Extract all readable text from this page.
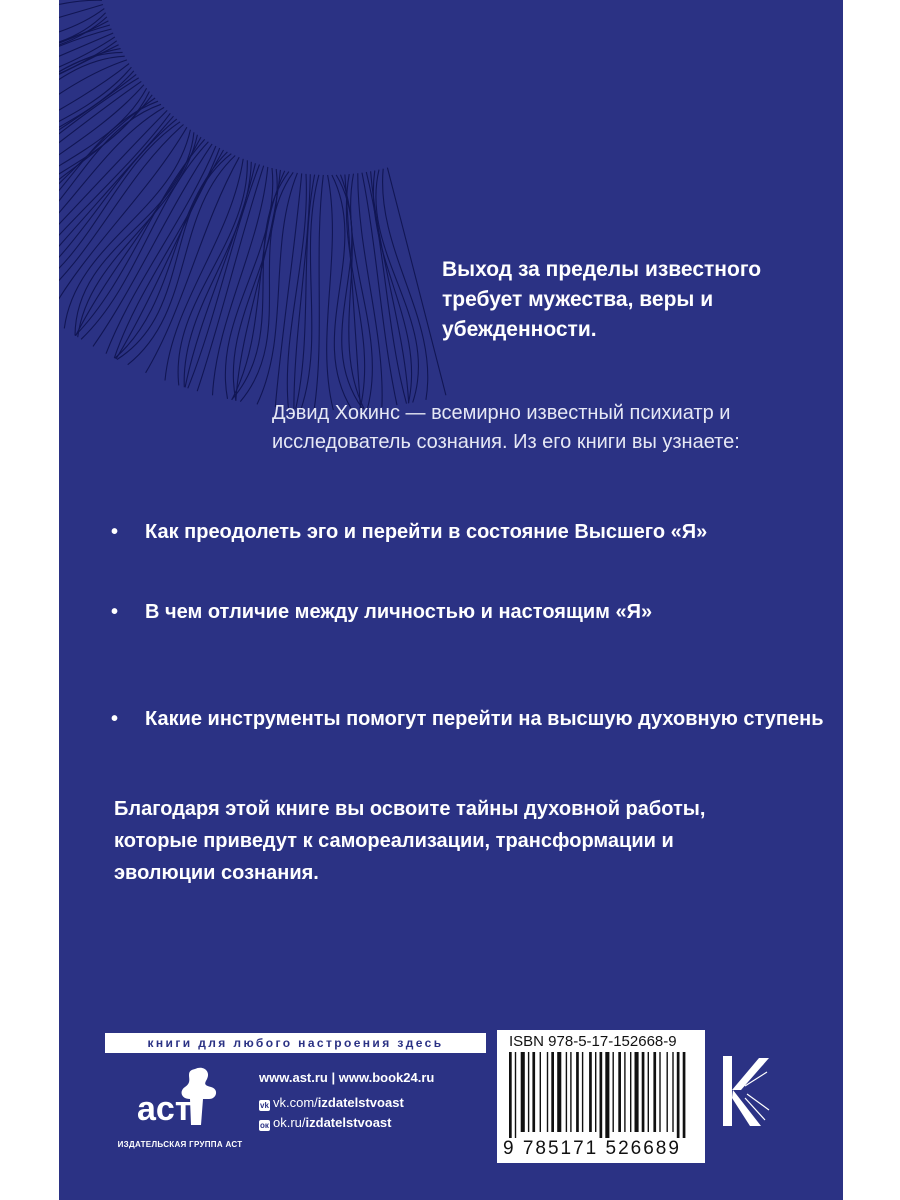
Выход за пределы известного требует мужества, веры и убежденности.

Дэвид Хокинс — всемирно известный психиатр и исследователь сознания. Из его книги вы узнаете:

• Как преодолеть эго и перейти в состояние Высшего «Я»
• В чем отличие между личностью и настоящим «Я»
• Какие инструменты помогут перейти на высшую духовную ступень

Благодаря этой книге вы освоите тайны духовной работы, которые приведут к самореализации, трансформации и эволюции сознания.

книги для любого настроения здесь
аст
ИЗДАТЕЛЬСКАЯ ГРУППА АСТ
www.ast.ru | www.book24.ru
vk vk.com/izdatelstvoast
ок ok.ru/izdatelstvoast
ISBN 978-5-17-152668-9
9 785171 526689
